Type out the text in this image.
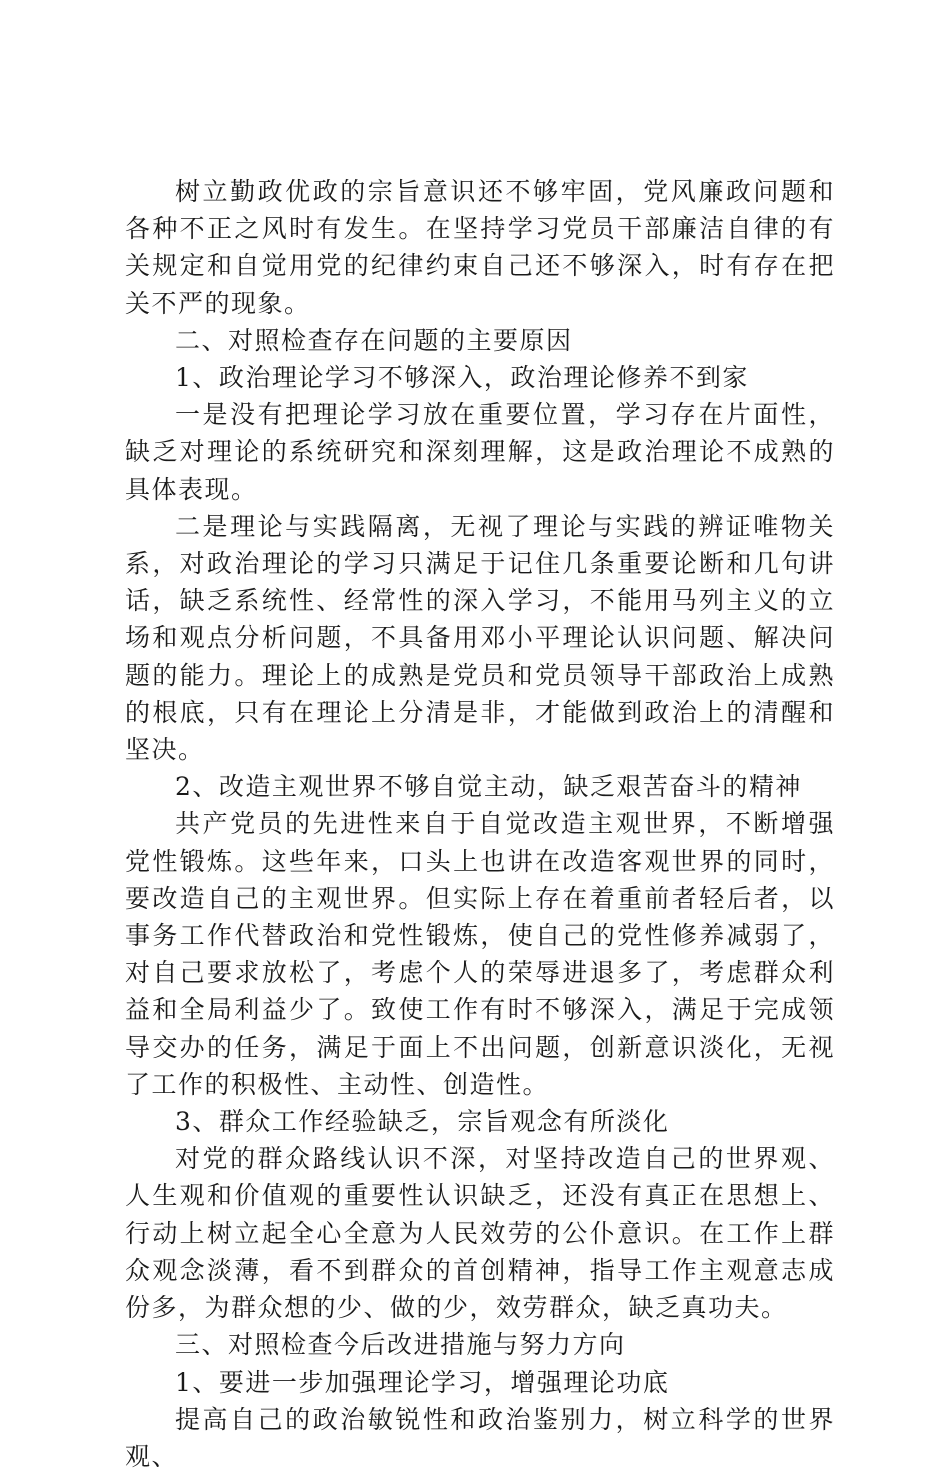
树立勤政优政的宗旨意识还不够牢固，党风廉政问题和各种不正之风时有发生。在坚持学习党员干部廉洁自律的有关规定和自觉用党的纪律约束自己还不够深入，时有存在把关不严的现象。

二、对照检查存在问题的主要原因

1、政治理论学习不够深入，政治理论修养不到家

一是没有把理论学习放在重要位置，学习存在片面性，缺乏对理论的系统研究和深刻理解，这是政治理论不成熟的具体表现。

二是理论与实践隔离，无视了理论与实践的辨证唯物关系，对政治理论的学习只满足于记住几条重要论断和几句讲话，缺乏系统性、经常性的深入学习，不能用马列主义的立场和观点分析问题，不具备用邓小平理论认识问题、解决问题的能力。理论上的成熟是党员和党员领导干部政治上成熟的根底，只有在理论上分清是非，才能做到政治上的清醒和坚决。

2、改造主观世界不够自觉主动，缺乏艰苦奋斗的精神

共产党员的先进性来自于自觉改造主观世界，不断增强党性锻炼。这些年来，口头上也讲在改造客观世界的同时，要改造自己的主观世界。但实际上存在着重前者轻后者，以事务工作代替政治和党性锻炼，使自己的党性修养减弱了，对自己要求放松了，考虑个人的荣辱进退多了，考虑群众利益和全局利益少了。致使工作有时不够深入，满足于完成领导交办的任务，满足于面上不出问题，创新意识淡化，无视了工作的积极性、主动性、创造性。

3、群众工作经验缺乏，宗旨观念有所淡化

对党的群众路线认识不深，对坚持改造自己的世界观、人生观和价值观的重要性认识缺乏，还没有真正在思想上、行动上树立起全心全意为人民效劳的公仆意识。在工作上群众观念淡薄，看不到群众的首创精神，指导工作主观意志成份多，为群众想的少、做的少，效劳群众，缺乏真功夫。

三、对照检查今后改进措施与努力方向

1、要进一步加强理论学习，增强理论功底

提高自己的政治敏锐性和政治鉴别力，树立科学的世界观、
